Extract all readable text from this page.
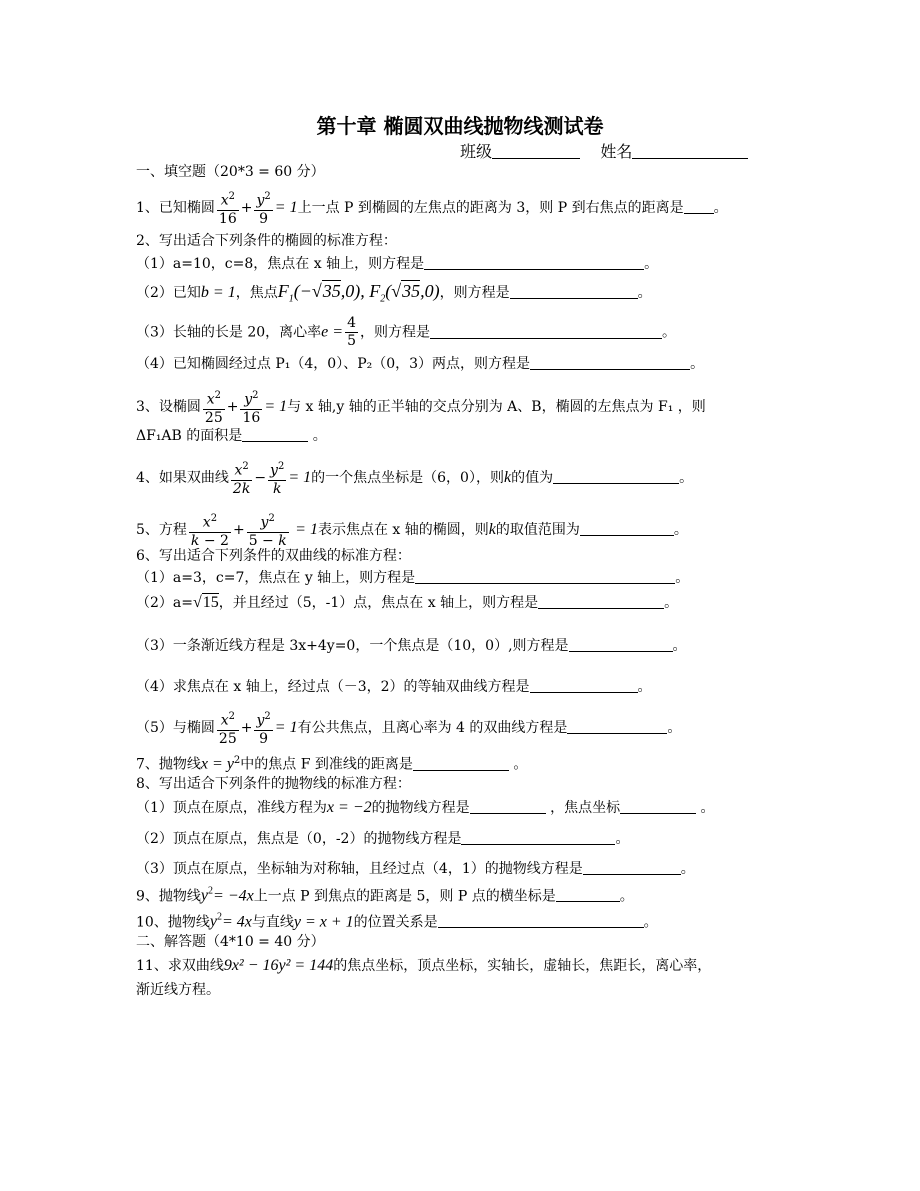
第十章 椭圆双曲线抛物线测试卷
班级	姓名
一、填空题（20*3 = 60 分）
1、已知椭圆 $\frac{x^2}{16} + \frac{y^2}{9} = 1$上一点 P 到椭圆的左焦点的距离为 3，则 P 到右焦点的距离是 。
2、写出适合下列条件的椭圆的标准方程：
（1）a=10，c=8，焦点在 x 轴上，则方程是	。
（2）已知b = 1，焦点$F_1(-√35,0)$, $F_2(√35,0)$，则方程是	。
（3）长轴的长是 20，离心率$e = \frac{4}{5}$ ，则方程是	。
（4）已知椭圆经过点 P₁（4，0）、P₂（0，3）两点，则方程是	。
3、设椭圆 $\frac{x^2}{25} + \frac{y^2}{16} = 1$与 x 轴,y 轴的正半轴的交点分别为 A、B，椭圆的左焦点为 F₁ ，则
ΔF₁AB 的面积是	。
4、如果双曲线 $\frac{x^2}{2k} - \frac{y^2}{k} = 1$的一个焦点坐标是（6，0），则k的值为	。
5、方程 $\frac{x^2}{k - 2} + \frac{y^2}{5 - k} = 1$表示焦点在 x 轴的椭圆，则k的取值范围为	。
6、写出适合下列条件的双曲线的标准方程：
（1）a=3，c=7，焦点在 y 轴上，则方程是	。
（2）a=√15，并且经过（5，-1）点，焦点在 x 轴上，则方程是	。
（3）一条渐近线方程是 3x+4y=0，一个焦点是（10，0）,则方程是	。
（4）求焦点在 x 轴上，经过点（－3，2）的等轴双曲线方程是	。
（5）与椭圆 $\frac{x^2}{25} + \frac{y^2}{9} = 1$有公共焦点，且离心率为 4 的双曲线方程是	。
7、抛物线$x = y^2$中的焦点 F 到准线的距离是	。
8、写出适合下列条件的抛物线的标准方程：
（1）顶点在原点，准线方程为x = −2的抛物线方程是	，焦点坐标	。
（2）顶点在原点，焦点是（0，-2）的抛物线方程是	。
（3）顶点在原点，坐标轴为对称轴，且经过点（4，1）的抛物线方程是	。
9、抛物线$y^2= -4x$上一点 P 到焦点的距离是 5，则 P 点的横坐标是	。
10、抛物线$y^2= 4x$与直线y = x + 1的位置关系是	。
二、解答题（4*10 = 40 分）
11、求双曲线9x² − 16y² = 144的焦点坐标，顶点坐标，实轴长，虚轴长，焦距长，离心率，
渐近线方程。
